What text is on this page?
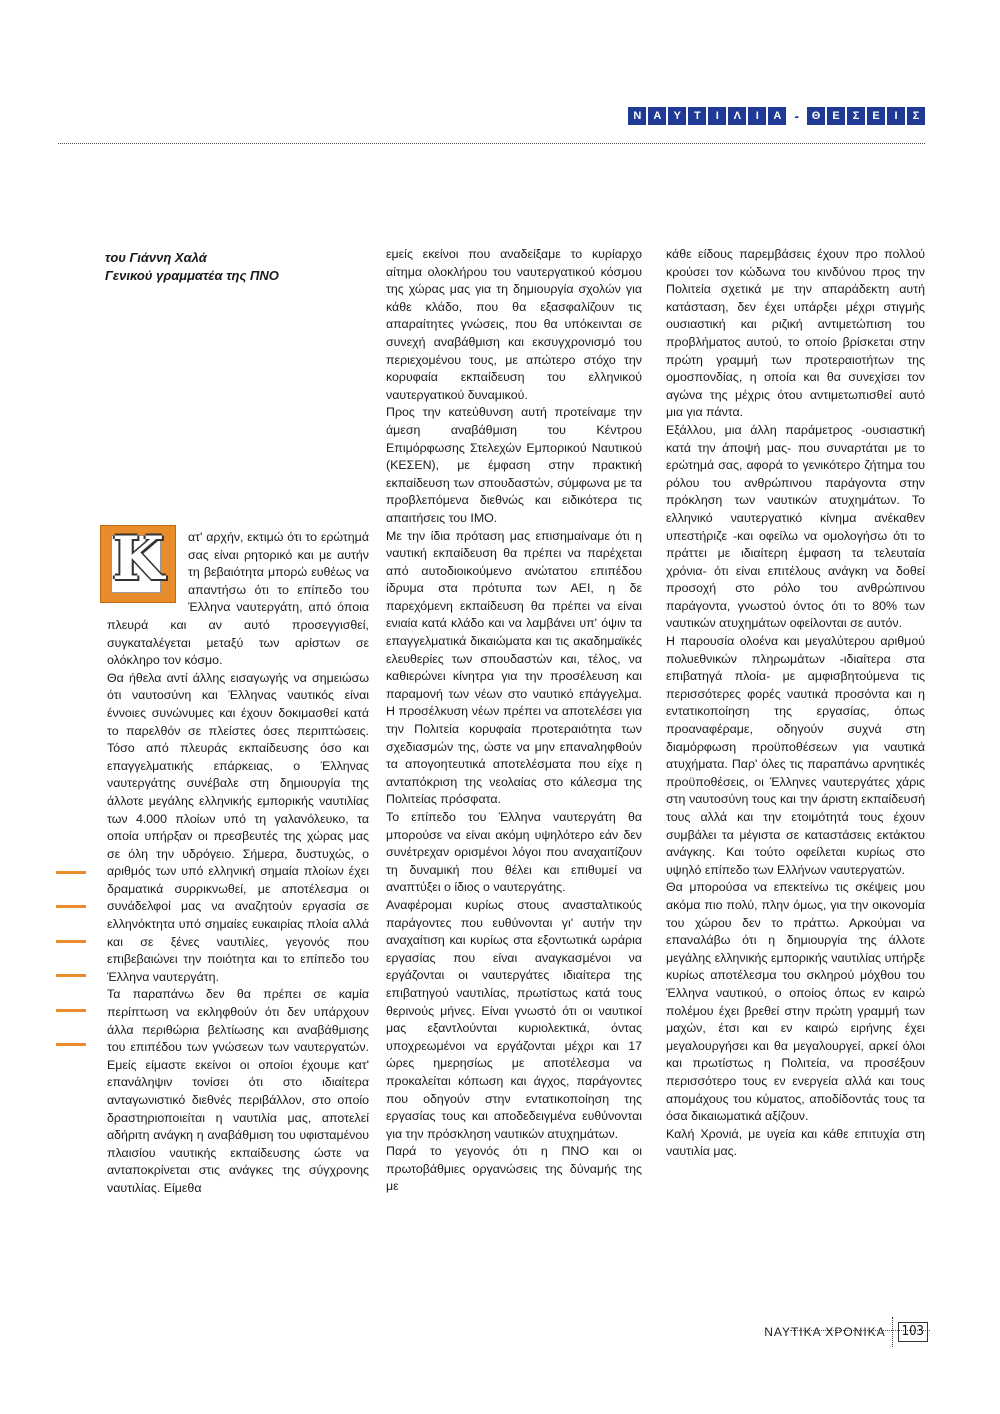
Ν	Α	Υ	Τ	Ι	Λ	Ι	Α -	Θ	Ε	Σ	Ε	Ι	Σ
του Γιάννη Χαλά
Γενικού γραμματέα της ΠΝΟ
Κ	ατ' αρχήν, εκτιμώ ότι το ερώτημά σας είναι ρητορικό και με αυτήν τη βεβαιότητα μπορώ ευθέως να απαντήσω ότι το επίπεδο του Έλληνα ναυτεργάτη, από όποια πλευρά και αν αυτό προσεγγισθεί, συγκαταλέγεται μεταξύ των αρίστων σε ολόκληρο τον κόσμο.

Θα ήθελα αντί άλλης εισαγωγής να σημειώσω ότι ναυτοσύνη και Έλληνας ναυτικός είναι έννοιες συνώνυμες και έχουν δοκιμασθεί κατά το παρελθόν σε πλείστες όσες περιπτώσεις. Τόσο από πλευράς εκπαίδευσης όσο και επαγγελματικής επάρκειας, ο Έλληνας ναυτεργάτης συνέβαλε στη δημιουργία της άλλοτε μεγάλης ελληνικής εμπορικής ναυτιλίας των 4.000 πλοίων υπό τη γαλανόλευκο, τα οποία υπήρξαν οι πρεσβευτές της χώρας μας σε όλη την υδρόγειο. Σήμερα, δυστυχώς, ο αριθμός των υπό ελληνική σημαία πλοίων έχει δραματικά συρρικνωθεί, με αποτέλεσμα οι συνάδελφοί μας να αναζητούν εργασία σε ελληνόκτητα υπό σημαίες ευκαιρίας πλοία αλλά και σε ξένες ναυτιλίες, γεγονός που επιβεβαιώνει την ποιότητα και το επίπεδο του Έλληνα ναυτεργάτη.

Τα παραπάνω δεν θα πρέπει σε καμία περίπτωση να εκληφθούν ότι δεν υπάρχουν άλλα περιθώρια βελτίωσης και αναβάθμισης του επιπέδου των γνώσεων των ναυτεργατών. Εμείς είμαστε εκείνοι οι οποίοι έχουμε κατ' επανάληψιν τονίσει ότι στο ιδιαίτερα ανταγωνιστικό διεθνές περιβάλλον, στο οποίο δραστηριοποιείται η ναυτιλία μας, αποτελεί αδήριτη ανάγκη η αναβάθμιση του υφισταμένου πλαισίου ναυτικής εκπαίδευσης ώστε να ανταποκρίνεται στις ανάγκες της σύγχρονης ναυτιλίας. Είμεθα

εμείς εκείνοι που αναδείξαμε το κυρίαρχο αίτημα ολοκλήρου του ναυτεργατικού κόσμου της χώρας μας για τη δημιουργία σχολών για κάθε κλάδο, που θα εξασφαλίζουν τις απαραίτητες γνώσεις, που θα υπόκεινται σε συνεχή αναβάθμιση και εκσυγχρονισμό του περιεχομένου τους, με απώτερο στόχο την κορυφαία εκπαίδευση του ελληνικού ναυτεργατικού δυναμικού.

Προς την κατεύθυνση αυτή προτείναμε την άμεση αναβάθμιση του Κέντρου Επιμόρφωσης Στελεχών Εμπορικού Ναυτικού (ΚΕΣΕΝ), με έμφαση στην πρακτική εκπαίδευση των σπουδαστών, σύμφωνα με τα προβλεπόμενα διεθνώς και ειδικότερα τις απαιτήσεις του ΙΜΟ.

Με την ίδια πρόταση μας επισημαίναμε ότι η ναυτική εκπαίδευση θα πρέπει να παρέχεται από αυτοδιοικούμενο ανώτατου επιπέδου ίδρυμα στα πρότυπα των ΑΕΙ, η δε παρεχόμενη εκπαίδευση θα πρέπει να είναι ενιαία κατά κλάδο και να λαμβάνει υπ' όψιν τα επαγγελματικά δικαιώματα και τις ακαδημαϊκές ελευθερίες των σπουδαστών και, τέλος, να καθιερώνει κίνητρα για την προσέλευση και παραμονή των νέων στο ναυτικό επάγγελμα. Η προσέλκυση νέων πρέπει να αποτελέσει για την Πολιτεία κορυφαία προτεραιότητα των σχεδιασμών της, ώστε να μην επαναληφθούν τα απογοητευτικά αποτελέσματα που είχε η ανταπόκριση της νεολαίας στο κάλεσμα της Πολιτείας πρόσφατα.

Το επίπεδο του Έλληνα ναυτεργάτη θα μπορούσε να είναι ακόμη υψηλότερο εάν δεν συνέτρεχαν ορισμένοι λόγοι που αναχαιτίζουν τη δυναμική που θέλει και επιθυμεί να αναπτύξει ο ίδιος ο ναυτεργάτης.

Αναφέρομαι κυρίως στους ανασταλτικούς παράγοντες που ευθύνονται γι' αυτήν την αναχαίτιση και κυρίως στα εξοντωτικά ωράρια εργασίας που είναι αναγκασμένοι να εργάζονται οι ναυτεργάτες ιδιαίτερα της επιβατηγού ναυτιλίας, πρωτίστως κατά τους θερινούς μήνες. Είναι γνωστό ότι οι ναυτικοί μας εξαντλούνται κυριολεκτικά, όντας υποχρεωμένοι να εργάζονται μέχρι και 17 ώρες ημερησίως με αποτέλεσμα να προκαλείται κόπωση και άγχος, παράγοντες που οδηγούν στην εντατικοποίηση της εργασίας τους και αποδεδειγμένα ευθύνονται για την πρόσκληση ναυτικών ατυχημάτων.

Παρά το γεγονός ότι η ΠΝΟ και οι πρωτοβάθμιες οργανώσεις της δύναμής της με

κάθε είδους παρεμβάσεις έχουν προ πολλού κρούσει τον κώδωνα του κινδύνου προς την Πολιτεία σχετικά με την απαράδεκτη αυτή κατάσταση, δεν έχει υπάρξει μέχρι στιγμής ουσιαστική και ριζική αντιμετώπιση του προβλήματος αυτού, το οποίο βρίσκεται στην πρώτη γραμμή των προτεραιοτήτων της ομοσπονδίας, η οποία και θα συνεχίσει τον αγώνα της μέχρις ότου αντιμετωπισθεί αυτό μια για πάντα.

Εξάλλου, μια άλλη παράμετρος -ουσιαστική κατά την άποψή μας- που συναρτάται με το ερώτημά σας, αφορά το γενικότερο ζήτημα του ρόλου του ανθρώπινου παράγοντα στην πρόκληση των ναυτικών ατυχημάτων. Το ελληνικό ναυτεργατικό κίνημα ανέκαθεν υπεστήριζε -και οφείλω να ομολογήσω ότι το πράττει με ιδιαίτερη έμφαση τα τελευταία χρόνια- ότι είναι επιτέλους ανάγκη να δοθεί προσοχή στο ρόλο του ανθρώπινου παράγοντα, γνωστού όντος ότι το 80% των ναυτικών ατυχημάτων οφείλονται σε αυτόν.

Η παρουσία ολοένα και μεγαλύτερου αριθμού πολυεθνικών πληρωμάτων -ιδιαίτερα στα επιβατηγά πλοία- με αμφισβητούμενα τις περισσότερες φορές ναυτικά προσόντα και η εντατικοποίηση της εργασίας, όπως προαναφέραμε, οδηγούν συχνά στη διαμόρφωση προϋποθέσεων για ναυτικά ατυχήματα. Παρ' όλες τις παραπάνω αρνητικές προϋποθέσεις, οι Έλληνες ναυτεργάτες χάρις στη ναυτοσύνη τους και την άριστη εκπαίδευσή τους αλλά και την ετοιμότητά τους έχουν συμβάλει τα μέγιστα σε καταστάσεις εκτάκτου ανάγκης. Και τούτο οφείλεται κυρίως στο υψηλό επίπεδο των Ελλήνων ναυτεργατών.

Θα μπορούσα να επεκτείνω τις σκέψεις μου ακόμα πιο πολύ, πλην όμως, για την οικονομία του χώρου δεν το πράττω. Αρκούμαι να επαναλάβω ότι η δημιουργία της άλλοτε μεγάλης ελληνικής εμπορικής ναυτιλίας υπήρξε κυρίως αποτέλεσμα του σκληρού μόχθου του Έλληνα ναυτικού, ο οποίος όπως εν καιρώ πολέμου έχει βρεθεί στην πρώτη γραμμή των μαχών, έτσι και εν καιρώ ειρήνης έχει μεγαλουργήσει και θα μεγαλουργεί, αρκεί όλοι και πρωτίστως η Πολιτεία, να προσέξουν περισσότερο τους εν ενεργεία αλλά και τους απομάχους του κύματος, αποδίδοντάς τους τα όσα δικαιωματικά αξίζουν.

Καλή Χρονιά, με υγεία και κάθε επιτυχία στη ναυτιλία μας.

ΝΑΥΤΙΚΑ ΧΡΟΝΙΚΑ	103
